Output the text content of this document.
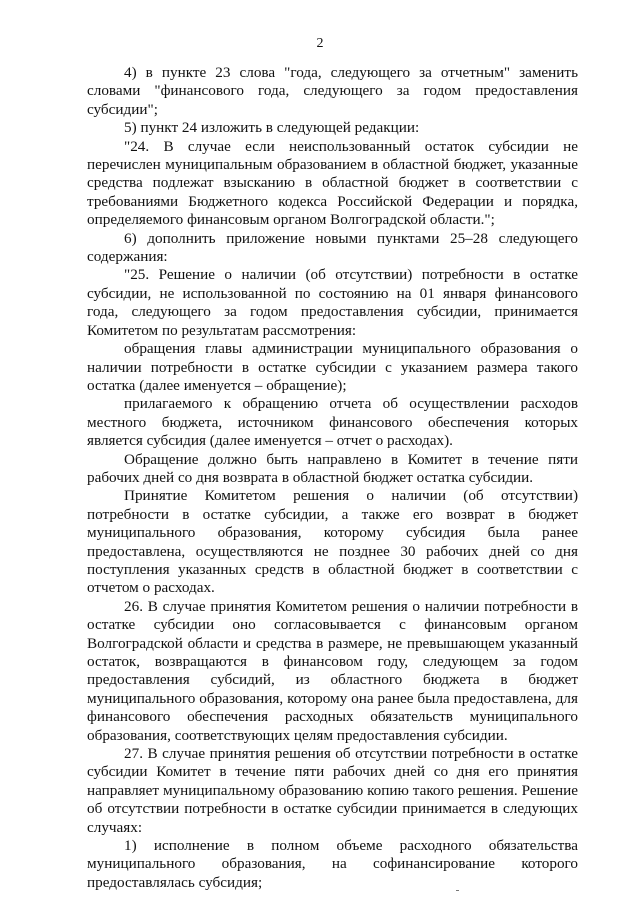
2

4) в пункте 23 слова "года, следующего за отчетным" заменить словами "финансового года, следующего за годом предоставления субсидии";

5) пункт 24 изложить в следующей редакции:

"24. В случае если неиспользованный остаток субсидии не перечислен муниципальным образованием в областной бюджет, указанные средства подлежат взысканию в областной бюджет в соответствии с требованиями Бюджетного кодекса Российской Федерации и порядка, определяемого финансовым органом Волгоградской области.";

6) дополнить приложение новыми пунктами 25–28 следующего содержания:

"25. Решение о наличии (об отсутствии) потребности в остатке субсидии, не использованной по состоянию на 01 января финансового года, следующего за годом предоставления субсидии, принимается Комитетом по результатам рассмотрения:

обращения главы администрации муниципального образования о наличии потребности в остатке субсидии с указанием размера такого остатка (далее именуется – обращение);

прилагаемого к обращению отчета об осуществлении расходов местного бюджета, источником финансового обеспечения которых является субсидия (далее именуется – отчет о расходах).

Обращение должно быть направлено в Комитет в течение пяти рабочих дней со дня возврата в областной бюджет остатка субсидии.

Принятие Комитетом решения о наличии (об отсутствии) потребности в остатке субсидии, а также его возврат в бюджет муниципального образования, которому субсидия была ранее предоставлена, осуществляются не позднее 30 рабочих дней со дня поступления указанных средств в областной бюджет в соответствии с отчетом о расходах.

26. В случае принятия Комитетом решения о наличии потребности в остатке субсидии оно согласовывается с финансовым органом Волгоградской области и средства в размере, не превышающем указанный остаток, возвращаются в финансовом году, следующем за годом предоставления субсидий, из областного бюджета в бюджет муниципального образования, которому она ранее была предоставлена, для финансового обеспечения расходных обязательств муниципального образования, соответствующих целям предоставления субсидии.

27. В случае принятия решения об отсутствии потребности в остатке субсидии Комитет в течение пяти рабочих дней со дня его принятия направляет муниципальному образованию копию такого решения. Решение об отсутствии потребности в остатке субсидии принимается в следующих случаях:

1) исполнение в полном объеме расходного обязательства муниципального образования, на софинансирование которого предоставлялась субсидия;
